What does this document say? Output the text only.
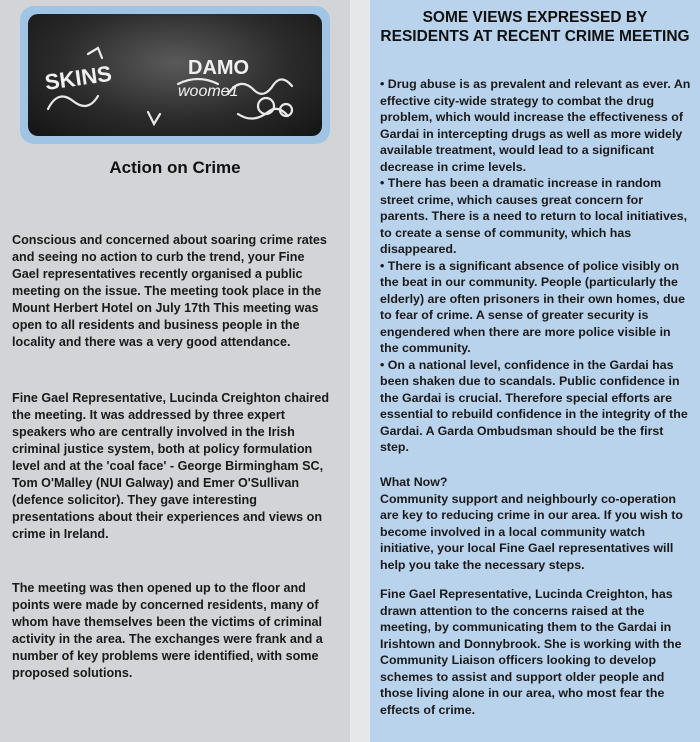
SKINS	DAMO
woome1
Action on Crime

Conscious and concerned about soaring crime rates and seeing no action to curb the trend, your Fine Gael representatives recently organised a public meeting on the issue. The meeting took place in the Mount Herbert Hotel on July 17th This meeting was open to all residents and business people in the locality and there was a very good attendance.

Fine Gael Representative, Lucinda Creighton chaired the meeting. It was addressed by three expert speakers who are centrally involved in the Irish criminal justice system, both at policy formulation level and at the 'coal face' - George Birmingham SC, Tom O'Malley (NUI Galway) and Emer O'Sullivan (defence solicitor). They gave interesting presentations about their experiences and views on crime in Ireland.

The meeting was then opened up to the floor and points were made by concerned residents, many of whom have themselves been the victims of criminal activity in the area. The exchanges were frank and a number of key problems were identified, with some proposed solutions.

SOME VIEWS EXPRESSED BY RESIDENTS AT RECENT CRIME MEETING
• Drug abuse is as prevalent and relevant as ever. An effective city-wide strategy to combat the drug problem, which would increase the effectiveness of Gardai in intercepting drugs as well as more widely available treatment, would lead to a significant decrease in crime levels.
• There has been a dramatic increase in random street crime, which causes great concern for parents. There is a need to return to local initiatives, to create a sense of community, which has disappeared.
• There is a significant absence of police visibly on the beat in our community. People (particularly the elderly) are often prisoners in their own homes, due to fear of crime. A sense of greater security is engendered when there are more police visible in the community.
• On a national level, confidence in the Gardai has been shaken due to scandals. Public confidence in the Gardai is crucial. Therefore special efforts are essential to rebuild confidence in the integrity of the Gardai. A Garda Ombudsman should be the first step.
What Now?
Community support and neighbourly co-operation are key to reducing crime in our area. If you wish to become involved in a local community watch initiative, your local Fine Gael representatives will help you take the necessary steps.

Fine Gael Representative, Lucinda Creighton, has drawn attention to the concerns raised at the meeting, by communicating them to the Gardai in Irishtown and Donnybrook. She is working with the Community Liaison officers looking to develop schemes to assist and support older people and those living alone in our area, who most fear the effects of crime.
